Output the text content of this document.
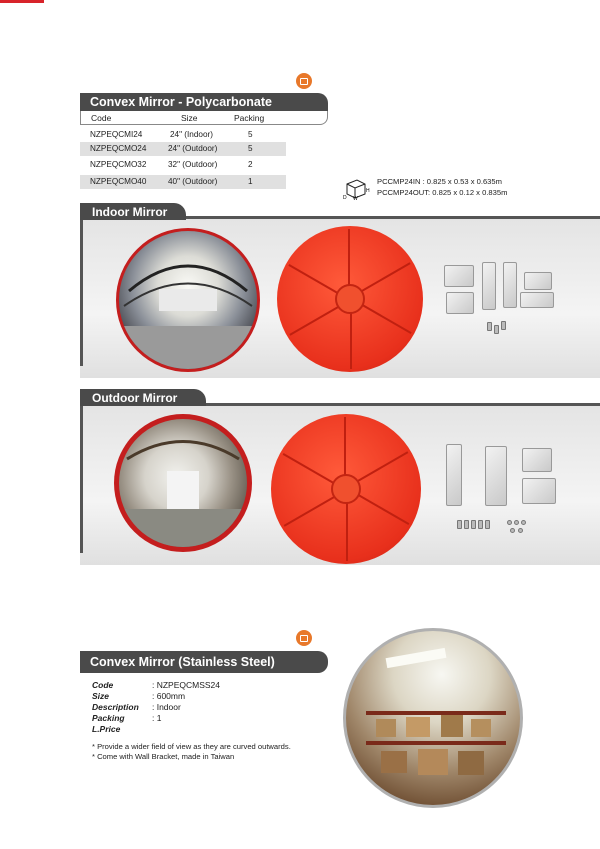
Convex Mirror - Polycarbonate
Code	Size	Packing
NZPEQCMI24	24" (Indoor)	5
NZPEQCMO24	24" (Outdoor)	5
NZPEQCMO32	32" (Outdoor)	2
NZPEQCMO40	40" (Outdoor)	1
D W
H
PCCMP24IN : 0.825 x 0.53 x 0.635m
PCCMP24OUT: 0.825 x 0.12 x 0.835m
Indoor Mirror
Outdoor Mirror
Convex Mirror (Stainless Steel)
Code	: NZPEQCMSS24
Size	: 600mm
Description : Indoor
Packing	: 1
L.Price
* Provide a wider field of view as they are curved outwards.
* Come with Wall Bracket, made in Taiwan
